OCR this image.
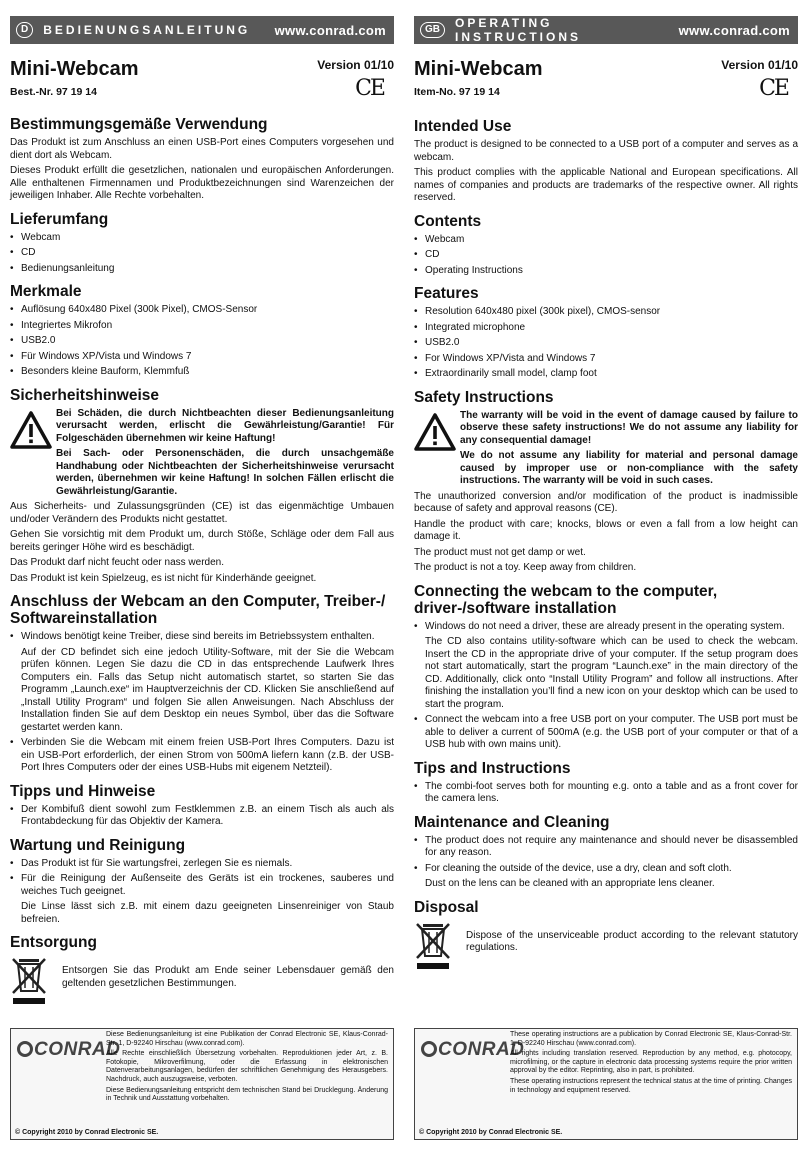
D	BEDIENUNGSANLEITUNG www.conrad.com
Mini-Webcam	Version 01/10
CE
Best.-Nr. 97 19 14
Bestimmungsgemäße Verwendung

Das Produkt ist zum Anschluss an einen USB-Port eines Computers vorgesehen und dient dort als Webcam.

Dieses Produkt erfüllt die gesetzlichen, nationalen und europäischen Anforderungen. Alle enthaltenen Firmennamen und Produktbezeichnungen sind Warenzeichen der jeweiligen Inhaber. Alle Rechte vorbehalten.

Lieferumfang
• Webcam
• CD
• Bedienungsanleitung
Merkmale
• Auflösung 640x480 Pixel (300k Pixel), CMOS-Sensor
• Integriertes Mikrofon
• USB2.0
• Für Windows XP/Vista und Windows 7
• Besonders kleine Bauform, Klemmfuß
Sicherheitshinweise

Bei Schäden, die durch Nichtbeachten dieser Bedienungsanleitung verursacht werden, erlischt die Gewährleistung/Garantie! Für Folgeschäden übernehmen wir keine Haftung!

Bei Sach- oder Personenschäden, die durch unsachgemäße Handhabung oder Nichtbeachten der Sicherheitshinweise verursacht werden, übernehmen wir keine Haftung! In solchen Fällen erlischt die Gewährleistung/Garantie.

Aus Sicherheits- und Zulassungsgründen (CE) ist das eigenmächtige Umbauen und/oder Verändern des Produkts nicht gestattet.

Gehen Sie vorsichtig mit dem Produkt um, durch Stöße, Schläge oder dem Fall aus bereits geringer Höhe wird es beschädigt.

Das Produkt darf nicht feucht oder nass werden.

Das Produkt ist kein Spielzeug, es ist nicht für Kinderhände geeignet.

Anschluss der Webcam an den Computer, Treiber-/ Softwareinstallation
• Windows benötigt keine Treiber, diese sind bereits im Betriebssystem enthalten.

Auf der CD befindet sich eine jedoch Utility-Software, mit der Sie die Webcam prüfen können. Legen Sie dazu die CD in das entsprechende Laufwerk Ihres Computers ein. Falls das Setup nicht automatisch startet, so starten Sie das Programm „Launch.exe“ im Hauptverzeichnis der CD. Klicken Sie anschließend auf „Install Utility Program“ und folgen Sie allen Anweisungen. Nach Abschluss der Installation finden Sie auf dem Desktop ein neues Symbol, über das die Software gestartet werden kann.

• Verbinden Sie die Webcam mit einem freien USB-Port Ihres Computers. Dazu ist ein USB-Port erforderlich, der einen Strom von 500mA liefern kann (z.B. der USB-Port Ihres Computers oder der eines USB-Hubs mit eigenem Netzteil).
Tipps und Hinweise
• Der Kombifuß dient sowohl zum Festklemmen z.B. an einem Tisch als auch als Frontabdeckung für das Objektiv der Kamera.
Wartung und Reinigung
• Das Produkt ist für Sie wartungsfrei, zerlegen Sie es niemals.
• Für die Reinigung der Außenseite des Geräts ist ein trockenes, sauberes und weiches Tuch geeignet.

Die Linse lässt sich z.B. mit einem dazu geeigneten Linsenreiniger von Staub befreien.

Entsorgung

Entsorgen Sie das Produkt am Ende seiner Lebensdauer gemäß den geltenden gesetzlichen Bestimmungen.

CONRAD

Diese Bedienungsanleitung ist eine Publikation der Conrad Electronic SE, Klaus-Conrad-Str. 1, D-92240 Hirschau (www.conrad.com).

Alle Rechte einschließlich Übersetzung vorbehalten. Reproduktionen jeder Art, z. B. Fotokopie, Mikroverfilmung, oder die Erfassung in elektronischen Datenverarbeitungsanlagen, bedürfen der schriftlichen Genehmigung des Herausgebers. Nachdruck, auch auszugsweise, verboten.

Diese Bedienungsanleitung entspricht dem technischen Stand bei Drucklegung. Änderung in Technik und Ausstattung vorbehalten.

© Copyright 2010 by Conrad Electronic SE.
GB	OPERATING INSTRUCTIONS	www.conrad.com
Mini-Webcam	Version 01/10
CE
Item-No. 97 19 14
Intended Use

The product is designed to be connected to a USB port of a computer and serves as a webcam.

This product complies with the applicable National and European specifications. All names of companies and products are trademarks of the respective owner. All rights reserved.

Contents
• Webcam
• CD
• Operating Instructions
Features
• Resolution 640x480 pixel (300k pixel), CMOS-sensor
• Integrated microphone
• USB2.0
• For Windows XP/Vista and Windows 7
• Extraordinarily small model, clamp foot
Safety Instructions

The warranty will be void in the event of damage caused by failure to observe these safety instructions! We do not assume any liability for any consequential damage!

We do not assume any liability for material and personal damage caused by improper use or non-compliance with the safety instructions. The warranty will be void in such cases.

The unauthorized conversion and/or modification of the product is inadmissible because of safety and approval reasons (CE).

Handle the product with care; knocks, blows or even a fall from a low height can damage it.

The product must not get damp or wet.

The product is not a toy. Keep away from children.

Connecting the webcam to the computer, driver-/software installation
• Windows do not need a driver, these are already present in the operating system.

The CD also contains utility-software which can be used to check the webcam. Insert the CD in the appropriate drive of your computer. If the setup program does not start automatically, start the program “Launch.exe” in the main directory of the CD. Additionally, click onto “Install Utility Program” and follow all instructions. After finishing the installation you’ll find a new icon on your desktop which can be used to start the program.

• Connect the webcam into a free USB port on your computer. The USB port must be able to deliver a current of 500mA (e.g. the USB port of your computer or that of a USB hub with own mains unit).
Tips and Instructions
• The combi-foot serves both for mounting e.g. onto a table and as a front cover for the camera lens.
Maintenance and Cleaning
• The product does not require any maintenance and should never be disassembled for any reason.
• For cleaning the outside of the device, use a dry, clean and soft cloth.

Dust on the lens can be cleaned with an appropriate lens cleaner.

Disposal

Dispose of the unserviceable product according to the relevant statutory regulations.

CONRAD

These operating instructions are a publication by Conrad Electronic SE, Klaus-Conrad-Str. 1, D-92240 Hirschau (www.conrad.com).

All rights including translation reserved. Reproduction by any method, e.g. photocopy, microfilming, or the capture in electronic data processing systems require the prior written approval by the editor. Reprinting, also in part, is prohibited.

These operating instructions represent the technical status at the time of printing. Changes in technology and equipment reserved.

© Copyright 2010 by Conrad Electronic SE.
